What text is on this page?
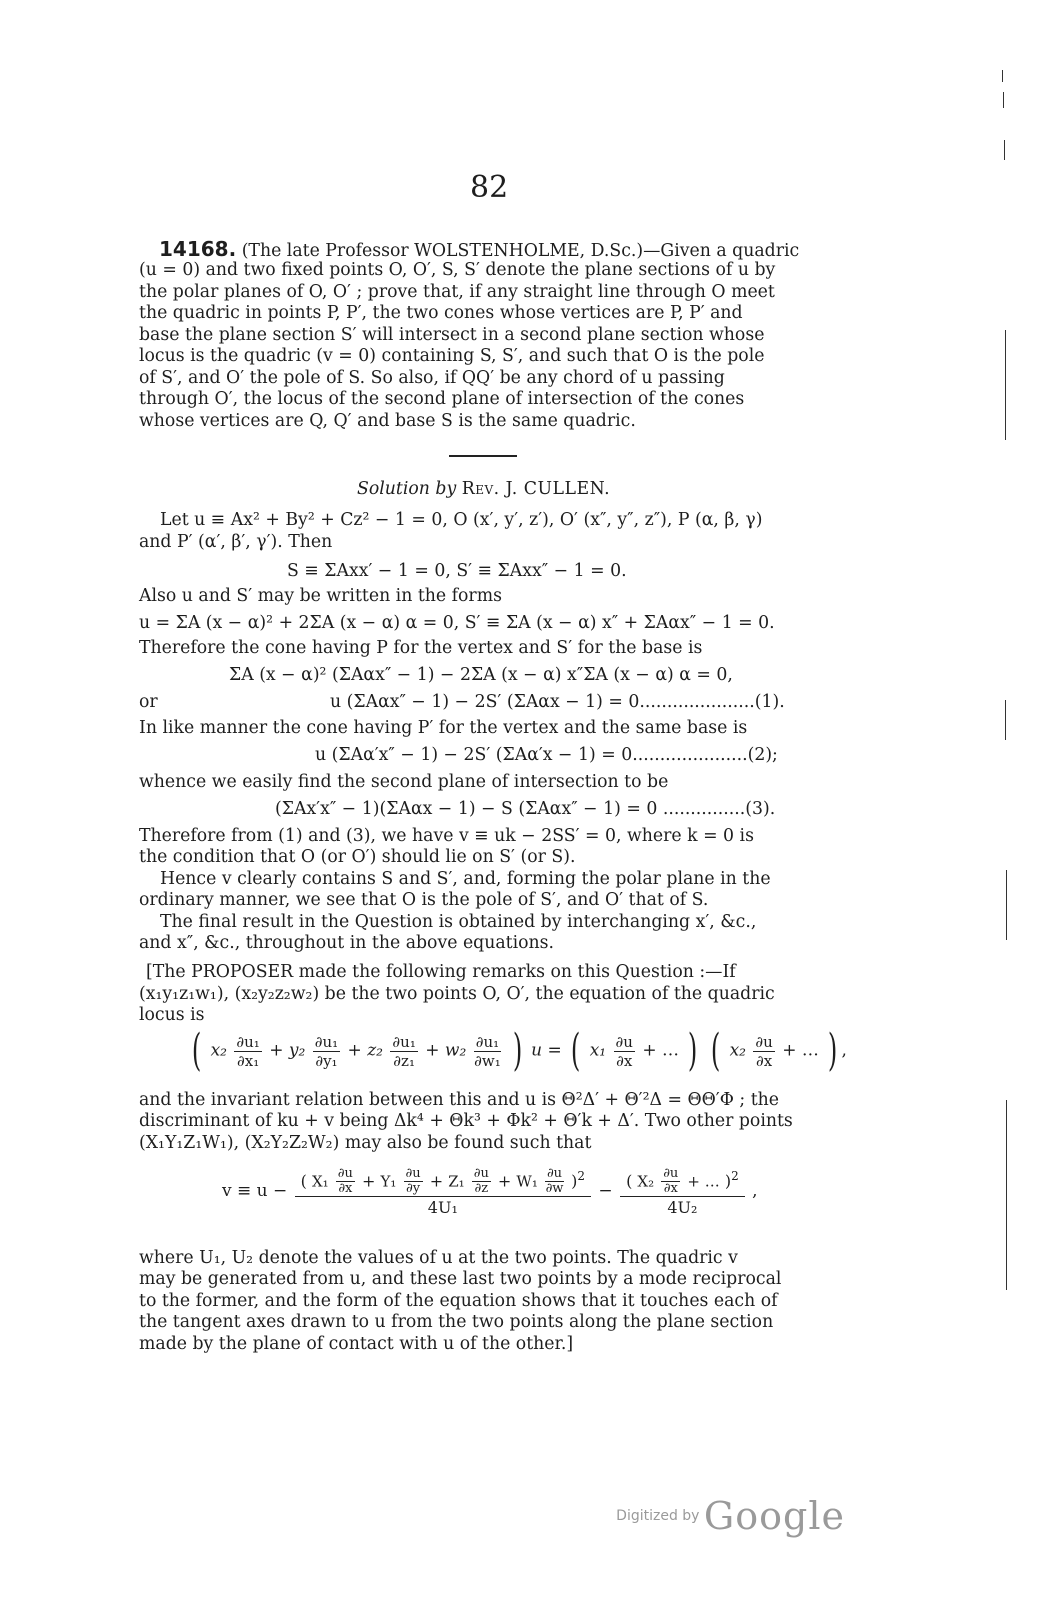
82
14168. (The late Professor WOLSTENHOLME, D.Sc.)—Given a quadric
(u = 0) and two fixed points O, O′, S, S′ denote the plane sections of u by
the polar planes of O, O′ ; prove that, if any straight line through O meet
the quadric in points P, P′, the two cones whose vertices are P, P′ and
base the plane section S′ will intersect in a second plane section whose
locus is the quadric (v = 0) containing S, S′, and such that O is the pole
of S′, and O′ the pole of S. So also, if QQ′ be any chord of u passing
through O′, the locus of the second plane of intersection of the cones
whose vertices are Q, Q′ and base S is the same quadric.
Solution by Rev. J. CULLEN.
Let u ≡ Ax² + By² + Cz² − 1 = 0, O (x′, y′, z′), O′ (x″, y″, z″), P (α, β, γ)
and P′ (α′, β′, γ′). Then
S ≡ ΣAxx′ − 1 = 0, S′ ≡ ΣAxx″ − 1 = 0.
Also u and S′ may be written in the forms
u = ΣA (x − α)² + 2ΣA (x − α) α = 0, S′ ≡ ΣA (x − α) x″ + ΣAαx″ − 1 = 0.
Therefore the cone having P for the vertex and S′ for the base is
ΣA (x − α)² (ΣAαx″ − 1) − 2ΣA (x − α) x″ΣA (x − α) α = 0,
or	u (ΣAαx″ − 1) − 2S′ (ΣAαx − 1) = 0.....................(1).
In like manner the cone having P′ for the vertex and the same base is
u (ΣAα′x″ − 1) − 2S′ (ΣAα′x − 1) = 0.....................(2);
whence we easily find the second plane of intersection to be
(ΣAx′x″ − 1)(ΣAαx − 1) − S (ΣAαx″ − 1) = 0 ...............(3).
Therefore from (1) and (3), we have v ≡ uk − 2SS′ = 0, where k = 0 is
the condition that O (or O′) should lie on S′ (or S).
Hence v clearly contains S and S′, and, forming the polar plane in the
ordinary manner, we see that O is the pole of S′, and O′ that of S.
The final result in the Question is obtained by interchanging x′, &c.,
and x″, &c., throughout in the above equations.
[The PROPOSER made the following remarks on this Question :—If
(x₁y₁z₁w₁), (x₂y₂z₂w₂) be the two points O, O′, the equation of the quadric
locus is
( $x_2 \frac{\text{∂u₁}}{\text{∂x₁}} + y_2 \frac{\text{∂u₁}}{\text{∂y₁}} + z_2 \frac{\text{∂u₁}}{\text{∂z₁}} + w_2 \frac{\text{∂u₁}}{\text{∂w₁}}$ ) u = ( $x_1 \frac{\partial u}{\partial x}$ + … ) ( $x_2 \frac{\partial u}{\partial x}$ + … ) ,
and the invariant relation between this and u is Θ²Δ′ + Θ′²Δ = ΘΘ′Φ ; the
discriminant of ku + v being Δk⁴ + Θk³ + Φk² + Θ′k + Δ′. Two other points
(X₁Y₁Z₁W₁), (X₂Y₂Z₂W₂) may also be found such that
v ≡ u − ( $X_1 \frac{\partial u}{\partial x} + Y_1 \frac{\partial u}{\partial y} + Z_1 \frac{\partial u}{\partial z} + W_1 \frac{\partial u}{\partial w} )^2$
4U₁
− $\frac{( X_2 \frac{\partial u}{\partial x} + \dots )^2}{\text{4U₂}}$ ,
where U₁, U₂ denote the values of u at the two points. The quadric v
may be generated from u, and these last two points by a mode reciprocal
to the former, and the form of the equation shows that it touches each of
the tangent axes drawn to u from the two points along the plane section
made by the plane of contact with u of the other.]
Digitized by Google
